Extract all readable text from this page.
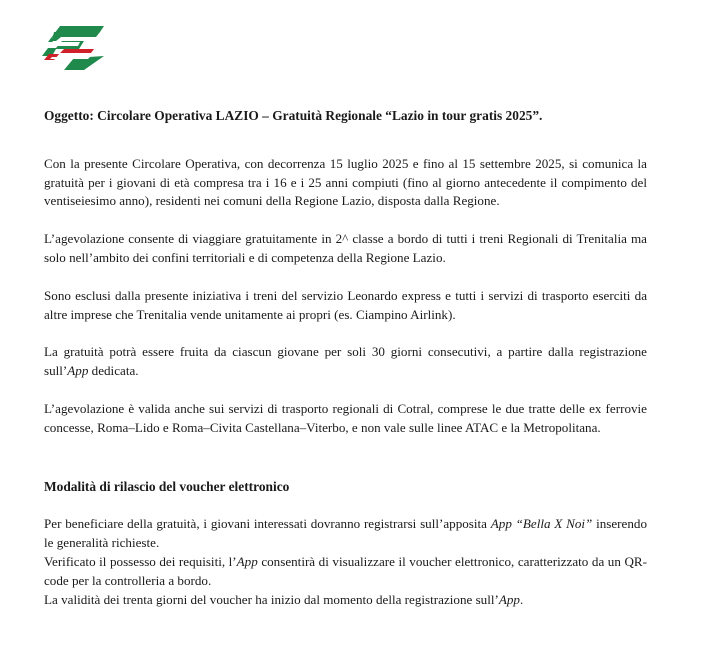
Oggetto: Circolare Operativa LAZIO – Gratuità Regionale “Lazio in tour gratis 2025”.

Con la presente Circolare Operativa, con decorrenza 15 luglio 2025 e fino al 15 settembre 2025, si comunica la gratuità per i giovani di età compresa tra i 16 e i 25 anni compiuti (fino al giorno antecedente il compimento del ventiseiesimo anno), residenti nei comuni della Regione Lazio, disposta dalla Regione.

L’agevolazione consente di viaggiare gratuitamente in 2^ classe a bordo di tutti i treni Regionali di Trenitalia ma solo nell’ambito dei confini territoriali e di competenza della Regione Lazio.

Sono esclusi dalla presente iniziativa i treni del servizio Leonardo express e tutti i servizi di trasporto eserciti da altre imprese che Trenitalia vende unitamente ai propri (es. Ciampino Airlink).

La gratuità potrà essere fruita da ciascun giovane per soli 30 giorni consecutivi, a partire dalla registrazione sull’App dedicata.

L’agevolazione è valida anche sui servizi di trasporto regionali di Cotral, comprese le due tratte delle ex ferrovie concesse, Roma–Lido e Roma–Civita Castellana–Viterbo, e non vale sulle linee ATAC e la Metropolitana.

Modalità di rilascio del voucher elettronico

Per beneficiare della gratuità, i giovani interessati dovranno registrarsi sull’apposita App “Bella X Noi” inserendo le generalità richieste.

Verificato il possesso dei requisiti, l’App consentirà di visualizzare il voucher elettronico, caratterizzato da un QR-code per la controlleria a bordo.

La validità dei trenta giorni del voucher ha inizio dal momento della registrazione sull’App.
